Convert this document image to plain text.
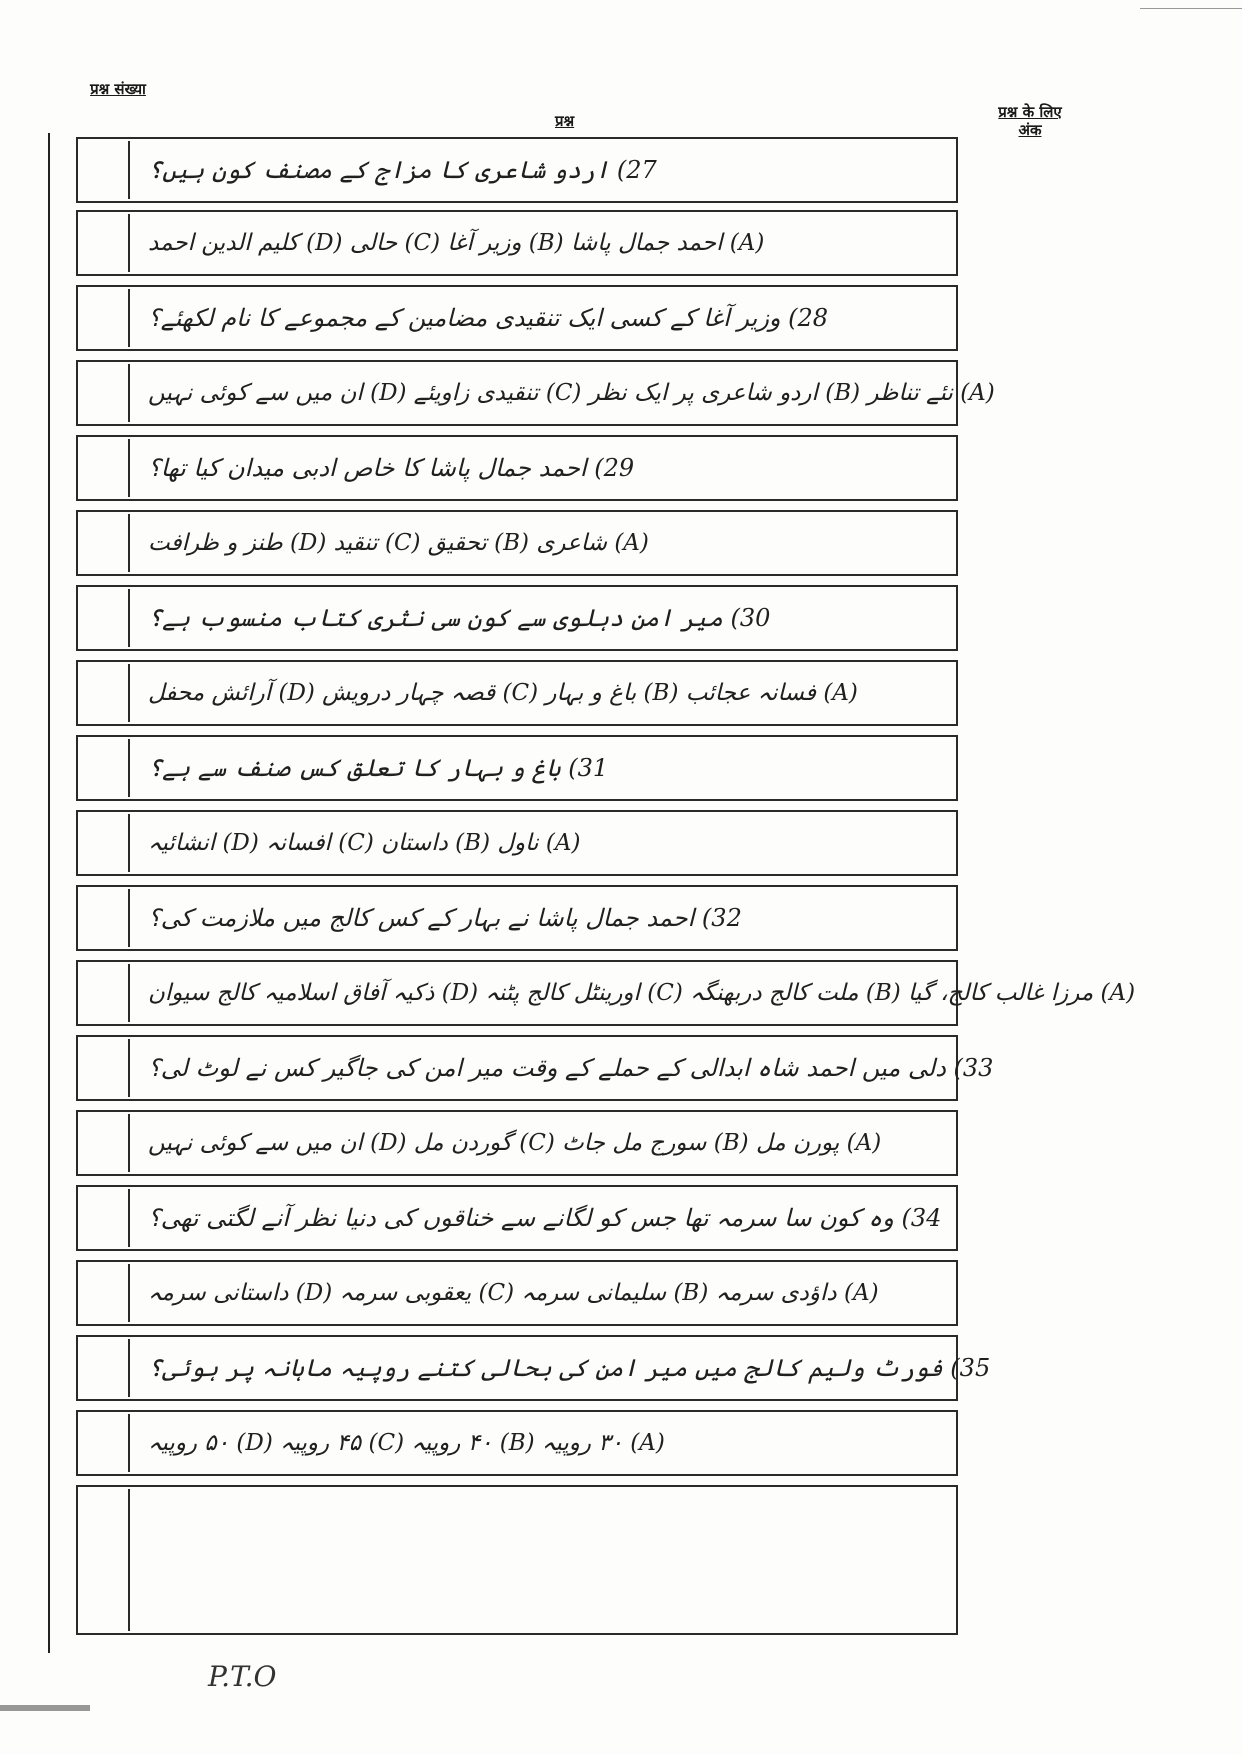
प्रश्न संख्या
प्रश्न	प्रश्न के लिए अंक
27) اردو شاعری کا مزاج کے مصنف کون ہیں؟
(A) احمد جمال پاشا (B) وزیر آغا (C) حالی (D) کلیم الدین احمد
28) وزیر آغا کے کسی ایک تنقیدی مضامین کے مجموعے کا نام لکھئے؟
(A) نئے تناظر (B) اردو شاعری پر ایک نظر (C) تنقیدی زاویئے (D) ان میں سے کوئی نہیں
29) احمد جمال پاشا کا خاص ادبی میدان کیا تھا؟
(A) شاعری (B) تحقیق (C) تنقید (D) طنز و ظرافت
30) میر امن دہلوی سے کون سی نثری کتاب منسوب ہے؟
(A) فسانہ عجائب (B) باغ و بہار (C) قصہ چہار درویش (D) آرائش محفل
31) باغ و بہار کا تعلق کس صنف سے ہے؟
(A) ناول (B) داستان (C) افسانہ (D) انشائیہ
32) احمد جمال پاشا نے بہار کے کس کالج میں ملازمت کی؟
(A) مرزا غالب کالج، گیا (B) ملت کالج دربھنگہ (C) اورینٹل کالج پٹنہ (D) ذکیہ آفاق اسلامیہ کالج سیوان
33) دلی میں احمد شاہ ابدالی کے حملے کے وقت میر امن کی جاگیر کس نے لوٹ لی؟
(A) پورن مل (B) سورج مل جاٹ (C) گوردن مل (D) ان میں سے کوئی نہیں
34) وہ کون سا سرمہ تھا جس کو لگانے سے خناقوں کی دنیا نظر آنے لگتی تھی؟
(A) داؤدی سرمہ (B) سلیمانی سرمہ (C) یعقوبی سرمہ (D) داستانی سرمہ
35) فورٹ ولیم کالج میں میر امن کی بحالی کتنے روپیہ ماہانہ پر ہوئی؟
(A) ۳۰ روپیہ (B) ۴۰ روپیہ (C) ۴۵ روپیہ (D) ۵۰ روپیہ
P.T.O
